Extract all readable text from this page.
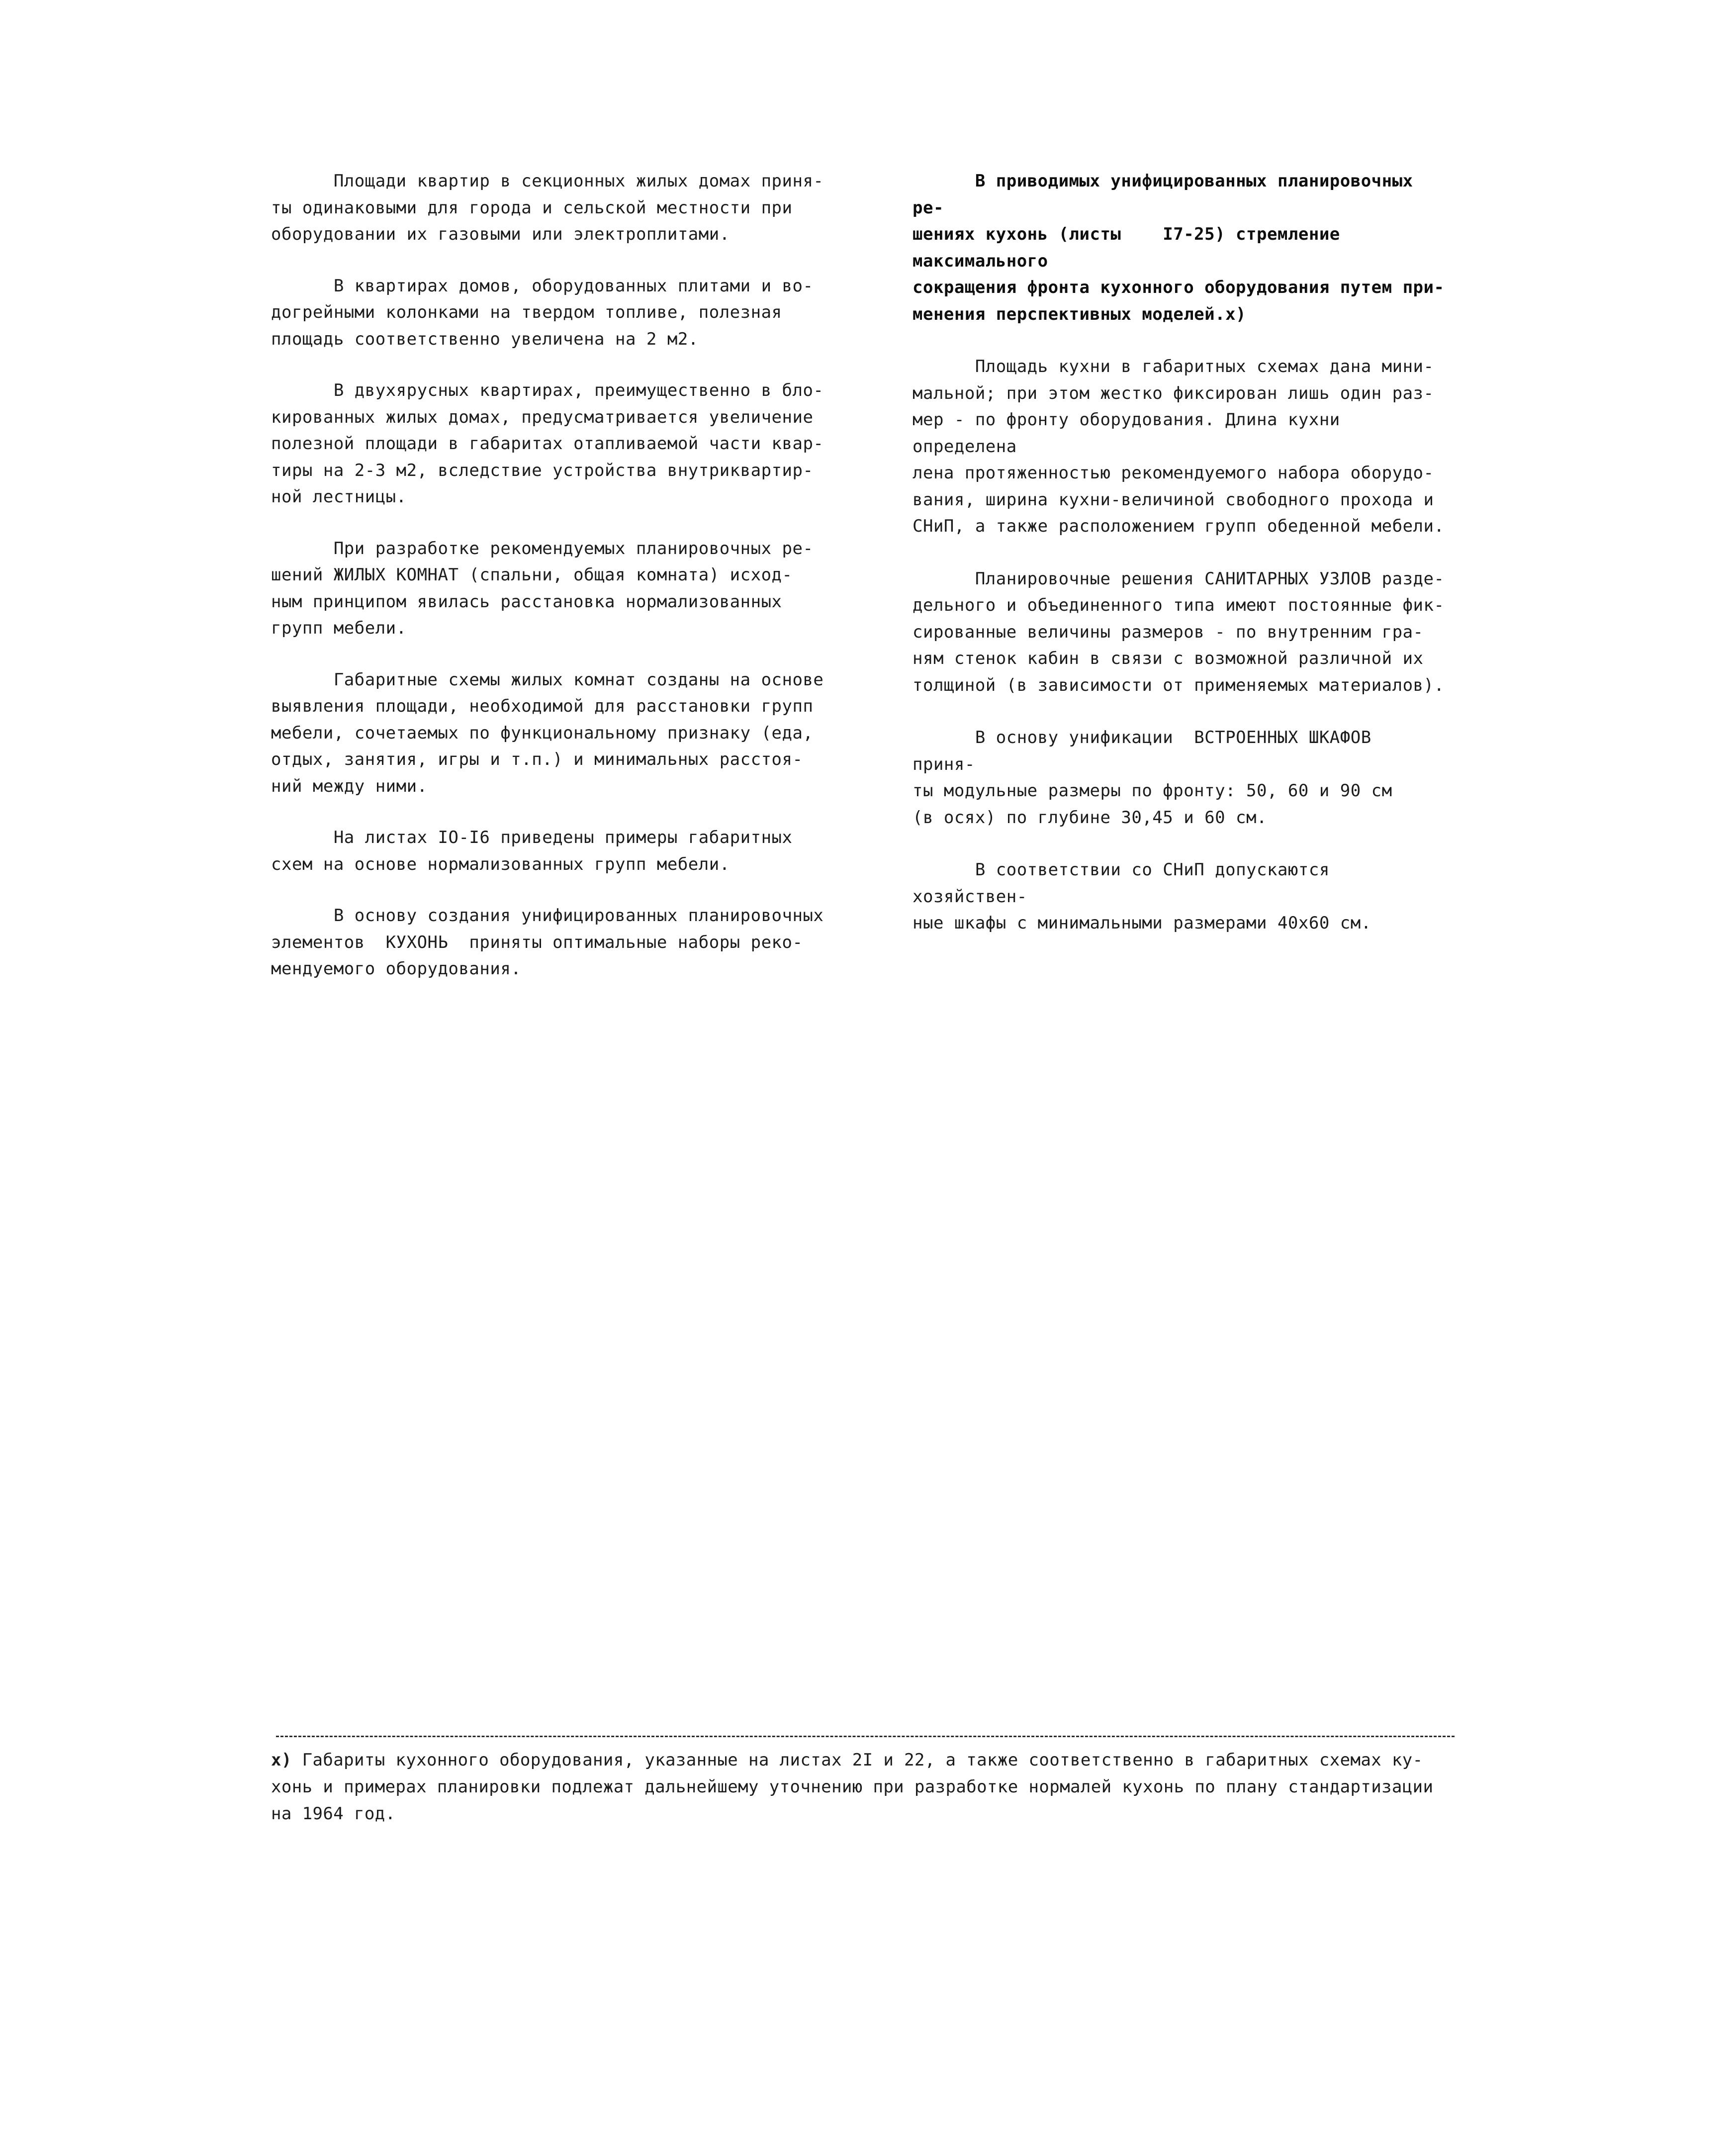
Площади квартир в секционных жилых домах приня-
ты одинаковыми для города и сельской местности при
оборудовании их газовыми или электроплитами.

В квартирах домов, оборудованных плитами и во-
догрейными колонками на твердом топливе, полезная
площадь соответственно увеличена на 2 м2.

В двухярусных квартирах, преимущественно в бло-
кированных жилых домах, предусматривается увеличение
полезной площади в габаритах отапливаемой части квар-
тиры на 2-3 м2, вследствие устройства внутриквартир-
ной лестницы.

При разработке рекомендуемых планировочных ре-
шений ЖИЛЫХ КОМНАТ (спальни, общая комната) исход-
ным принципом явилась расстановка нормализованных
групп мебели.

Габаритные схемы жилых комнат созданы на основе
выявления площади, необходимой для расстановки групп
мебели, сочетаемых по функциональному признаку (еда,
отдых, занятия, игры и т.п.) и минимальных расстоя-
ний между ними.

На листах IO-I6 приведены примеры габаритных
схем на основе нормализованных групп мебели.

В основу создания унифицированных планировочных
элементов  КУХОНЬ  приняты оптимальные наборы реко-
мендуемого оборудования.

В приводимых унифицированных планировочных ре-
шениях кухонь (листы    I7-25) стремление максимального
сокращения фронта кухонного оборудования путем при-
менения перспективных моделей.х)

Площадь кухни в габаритных схемах дана мини-
мальной; при этом жестко фиксирован лишь один раз-
мер - по фронту оборудования. Длина кухни определена
лена протяженностью рекомендуемого набора оборудо-
вания, ширина кухни-величиной свободного прохода и
СНиП, а также расположением групп обеденной мебели.

Планировочные решения САНИТАРНЫХ УЗЛОВ разде-
дельного и объединенного типа имеют постоянные фик-
сированные величины размеров - по внутренним гра-
ням стенок кабин в связи с возможной различной их
толщиной (в зависимости от применяемых материалов).

В основу унификации  ВСТРОЕННЫХ ШКАФОВ  приня-
ты модульные размеры по фронту: 50, 60 и 90 см
(в осях) по глубине 30,45 и 60 см.

В соответствии со СНиП допускаются хозяйствен-
ные шкафы с минимальными размерами 40х60 см.

х) Габариты кухонного оборудования, указанные на листах 2I и 22, а также соответственно в габаритных схемах ку-
хонь и примерах планировки подлежат дальнейшему уточнению при разработке нормалей кухонь по плану стандартизации
на 1964 год.
